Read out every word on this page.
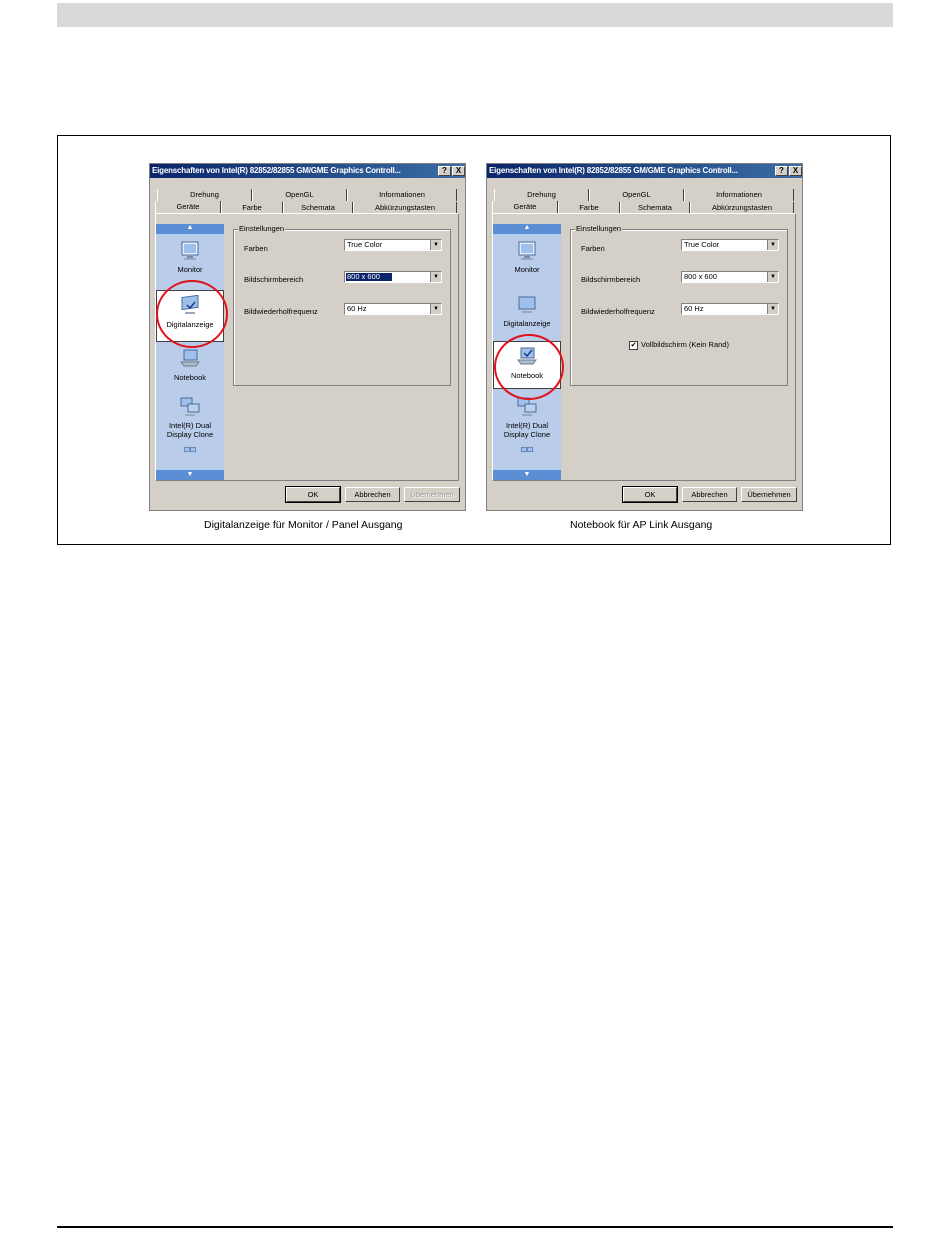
Eigenschaften von Intel(R) 82852/82855 GM/GME Graphics Controll...	?	X
Drehung	OpenGL	Informationen
Geräte	Farbe	Schemata	Abkürzungstasten
▲
Monitor
Digitalanzeige
Notebook
Intel(R) Dual
Display Clone
▼
Einstellungen
Farben	True Color	▼
Bildschirmbereich	800 x 600	▼
Bildwiederholfrequenz	60 Hz	▼
OK	Abbrechen	Übernehmen
Eigenschaften von Intel(R) 82852/82855 GM/GME Graphics Controll...	?	X
Drehung	OpenGL	Informationen
Geräte	Farbe	Schemata	Abkürzungstasten
▲
Monitor
Digitalanzeige
Notebook
Intel(R) Dual
Display Clone
▼
Einstellungen
Farben	True Color	▼
Bildschirmbereich	800 x 600	▼
Bildwiederholfrequenz	60 Hz	▼
✔ Vollbildschirm (Kein Rand)
OK	Abbrechen	Übernehmen
Digitalanzeige für Monitor / Panel Ausgang	Notebook für AP Link Ausgang
